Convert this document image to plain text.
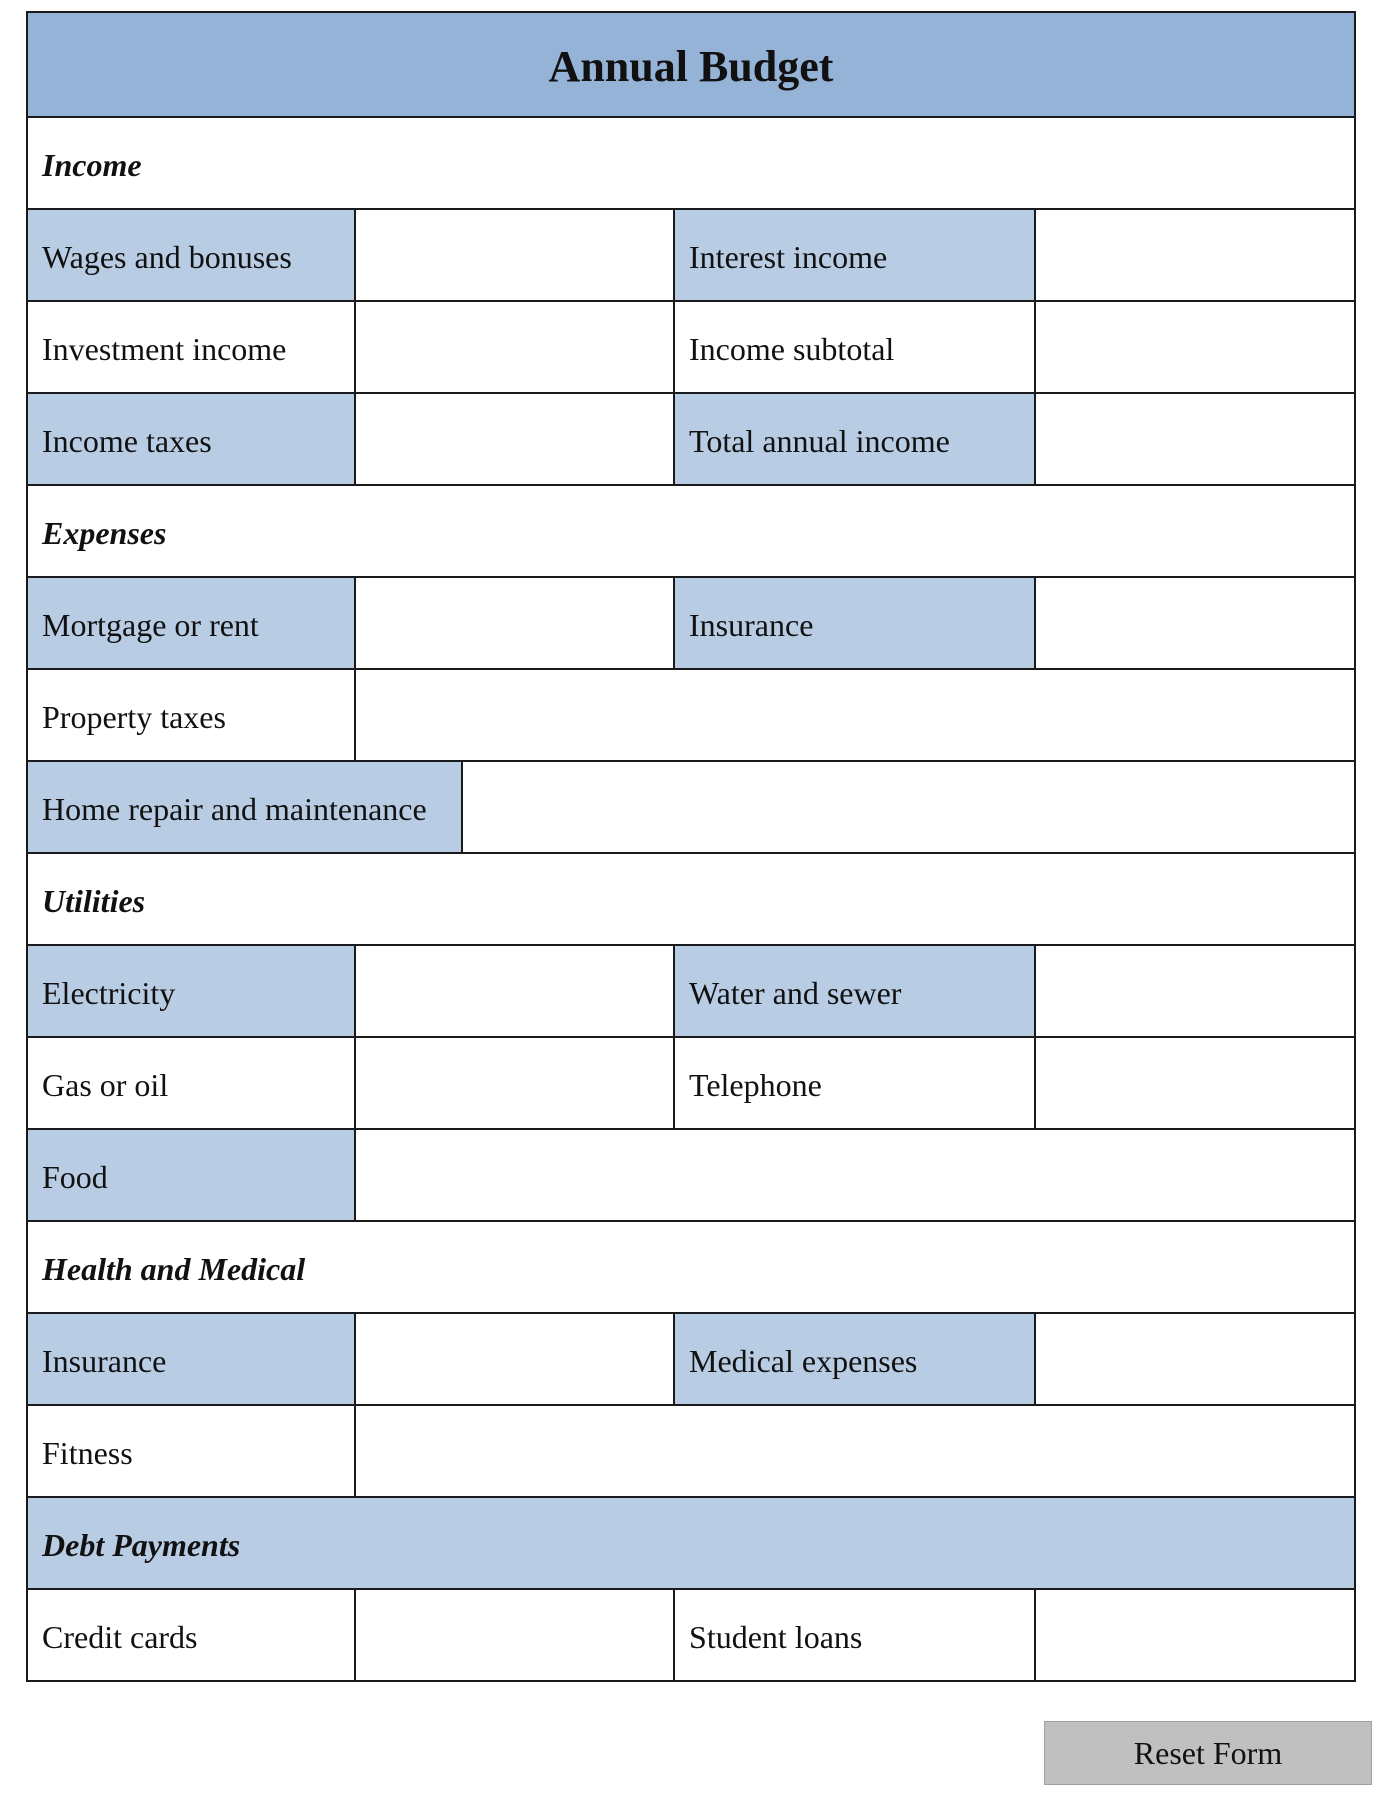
Annual Budget
Income
Wages and bonuses	Interest income
Investment income	Income subtotal
Income taxes	Total annual income
Expenses
Mortgage or rent	Insurance
Property taxes
Home repair and maintenance
Utilities
Electricity	Water and sewer
Gas or oil	Telephone
Food
Health and Medical
Insurance	Medical expenses
Fitness
Debt Payments
Credit cards	Student loans
Reset Form
